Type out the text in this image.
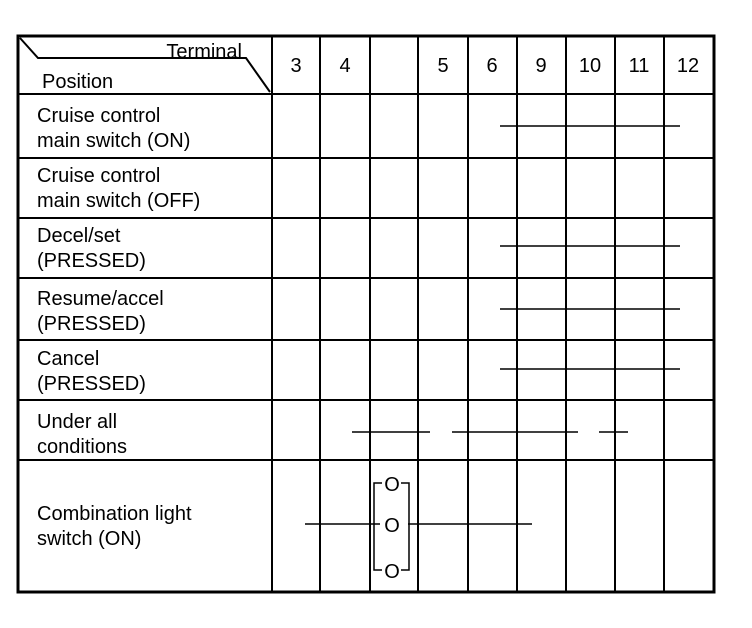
Terminal
Position
3 4	5 6 9 10 11 12
Cruise control
main switch (ON)
Cruise control
main switch (OFF)
Decel/set
(PRESSED)
Resume/accel
(PRESSED)
Cancel
(PRESSED)
Under all
conditions
Combination light
switch (ON)
O
O
O
